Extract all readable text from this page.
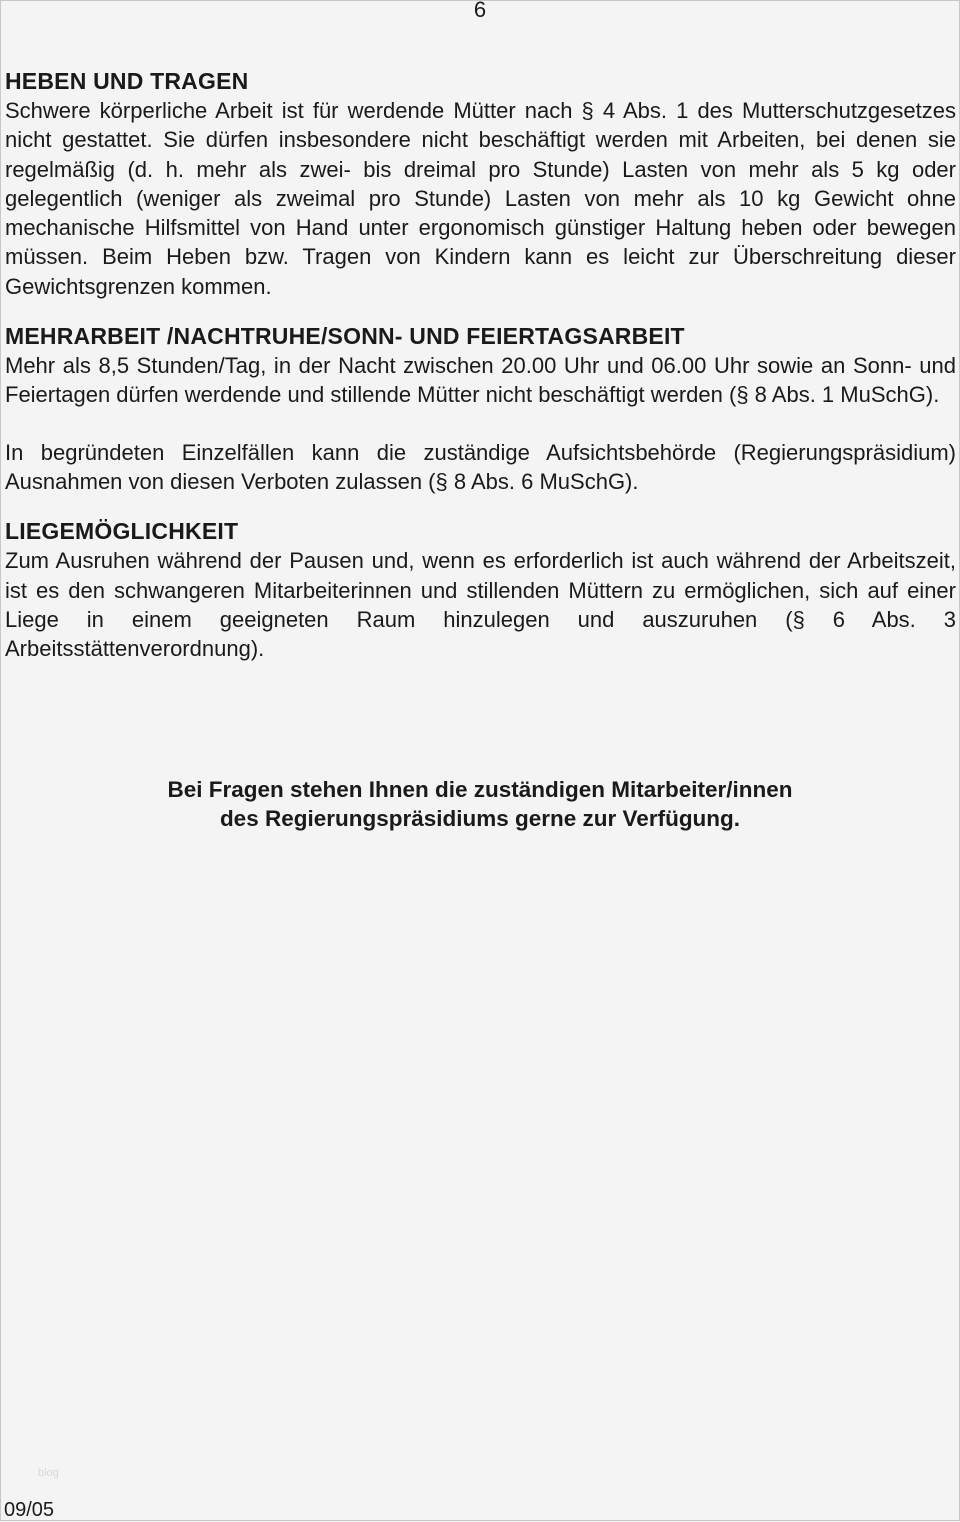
6
HEBEN UND TRAGEN

Schwere körperliche Arbeit ist für werdende Mütter nach § 4 Abs. 1 des Mutterschutzgesetzes nicht gestattet. Sie dürfen insbesondere nicht beschäftigt werden mit Arbeiten, bei denen sie regelmäßig (d. h. mehr als zwei- bis dreimal pro Stunde) Lasten von mehr als 5 kg oder gelegentlich (weniger als zweimal pro Stunde) Lasten von mehr als 10 kg Gewicht ohne mechanische Hilfsmittel von Hand unter ergonomisch günstiger Haltung heben oder bewegen müssen. Beim Heben bzw. Tragen von Kindern kann es leicht zur Überschreitung dieser Gewichtsgrenzen kommen.

MEHRARBEIT /NACHTRUHE/SONN- UND FEIERTAGSARBEIT

Mehr als 8,5 Stunden/Tag, in der Nacht zwischen 20.00 Uhr und 06.00 Uhr sowie an Sonn- und Feiertagen dürfen werdende und stillende Mütter nicht beschäftigt werden (§ 8 Abs. 1 MuSchG).

In begründeten Einzelfällen kann die zuständige Aufsichtsbehörde (Regierungspräsidium) Ausnahmen von diesen Verboten zulassen (§ 8 Abs. 6 MuSchG).

LIEGEMÖGLICHKEIT

Zum Ausruhen während der Pausen und, wenn es erforderlich ist auch während der Arbeitszeit, ist es den schwangeren Mitarbeiterinnen und stillenden Müttern zu ermöglichen, sich auf einer Liege in einem geeigneten Raum hinzulegen und auszuruhen (§ 6 Abs. 3 Arbeitsstättenverordnung).

Bei Fragen stehen Ihnen die zuständigen Mitarbeiter/innen
des Regierungspräsidiums gerne zur Verfügung.
blog
09/05
